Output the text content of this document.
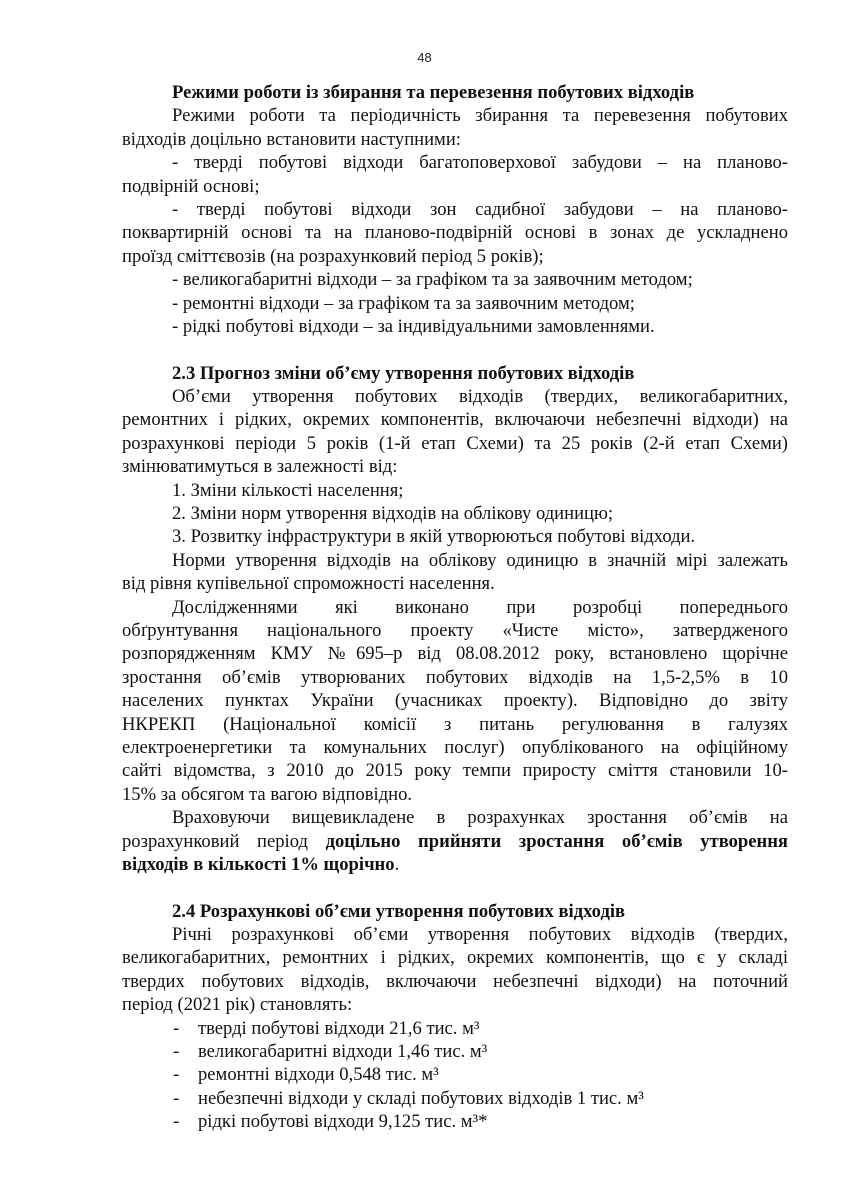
48
Режими роботи із збирання та перевезення побутових відходів
Режими роботи та періодичність збирання та перевезення побутових
відходів доцільно встановити наступними:
- тверді побутові відходи багатоповерхової забудови – на планово-
подвірній основі;
- тверді побутові відходи зон садибної забудови – на планово-
поквартирній основі та на планово-подвірній основі в зонах де ускладнено
проїзд сміттєвозів (на розрахунковий період 5 років);
- великогабаритні відходи – за графіком та за заявочним методом;
- ремонтні відходи – за графіком та за заявочним методом;
- рідкі побутові відходи – за індивідуальними замовленнями.
2.3 Прогноз зміни об’єму утворення побутових відходів
Об’єми утворення побутових відходів (твердих, великогабаритних,
ремонтних і рідких, окремих компонентів, включаючи небезпечні відходи) на
розрахункові періоди 5 років (1-й етап Схеми) та 25 років (2-й етап Схеми)
змінюватимуться в залежності від:
1. Зміни кількості населення;
2. Зміни норм утворення відходів на облікову одиницю;
3. Розвитку інфраструктури в якій утворюються побутові відходи.
Норми утворення відходів на облікову одиницю в значній мірі залежать
від рівня купівельної спроможності населення.
Дослідженнями які виконано при розробці попереднього
обґрунтування національного проекту «Чисте місто», затвердженого
розпорядженням КМУ №695–р від 08.08.2012 року, встановлено щорічне
зростання об’ємів утворюваних побутових відходів на 1,5-2,5% в 10
населених пунктах України (учасниках проекту). Відповідно до звіту
НКРЕКП (Національної комісії з питань регулювання в галузях
електроенергетики та комунальних послуг) опублікованого на офіційному
сайті відомства, з 2010 до 2015 року темпи приросту сміття становили 10-
15% за обсягом та вагою відповідно.
Враховуючи вищевикладене в розрахунках зростання об’ємів на
розрахунковий період доцільно прийняти зростання об’ємів утворення
відходів в кількості 1% щорічно.
2.4 Розрахункові об’єми утворення побутових відходів
Річні розрахункові об’єми утворення побутових відходів (твердих,
великогабаритних, ремонтних і рідких, окремих компонентів, що є у складі
твердих побутових відходів, включаючи небезпечні відходи) на поточний
період (2021 рік) становлять:
- тверді побутові відходи 21,6 тис. м³
- великогабаритні відходи 1,46 тис. м³
- ремонтні відходи 0,548 тис. м³
- небезпечні відходи у складі побутових відходів 1 тис. м³
- рідкі побутові відходи 9,125 тис. м³*
